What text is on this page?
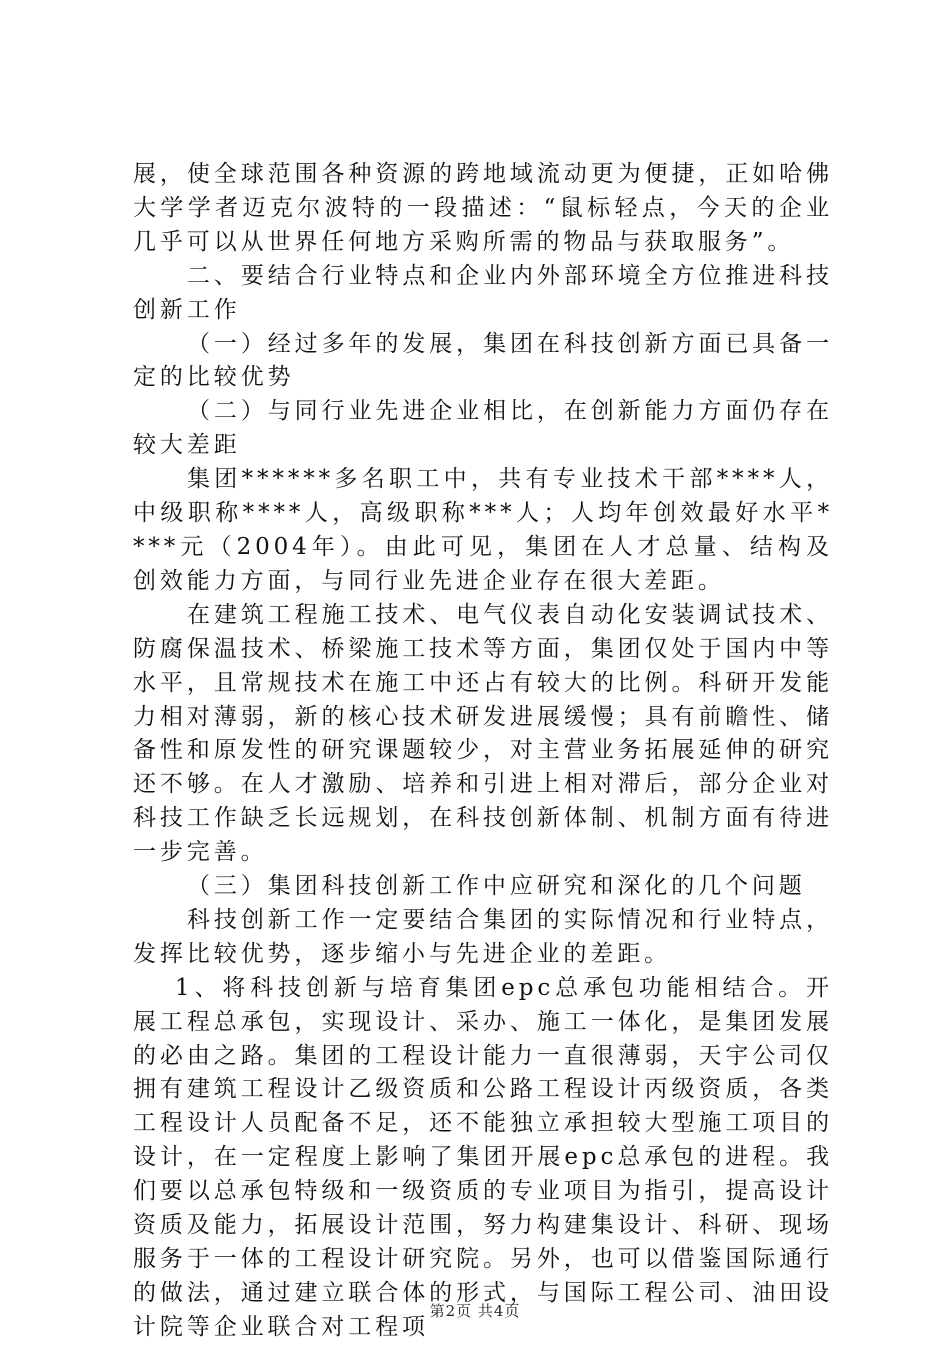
展，使全球范围各种资源的跨地域流动更为便捷，正如哈佛大学学者迈克尔波特的一段描述：“鼠标轻点，今天的企业几乎可以从世界任何地方采购所需的物品与获取服务”。

二、要结合行业特点和企业内外部环境全方位推进科技创新工作

（一）经过多年的发展，集团在科技创新方面已具备一定的比较优势

（二）与同行业先进企业相比，在创新能力方面仍存在较大差距

集团******多名职工中，共有专业技术干部****人，中级职称****人，高级职称***人；人均年创效最好水平****元（2004年）。由此可见，集团在人才总量、结构及创效能力方面，与同行业先进企业存在很大差距。

在建筑工程施工技术、电气仪表自动化安装调试技术、防腐保温技术、桥梁施工技术等方面，集团仅处于国内中等水平，且常规技术在施工中还占有较大的比例。科研开发能力相对薄弱，新的核心技术研发进展缓慢；具有前瞻性、储备性和原发性的研究课题较少，对主营业务拓展延伸的研究还不够。在人才激励、培养和引进上相对滞后，部分企业对科技工作缺乏长远规划，在科技创新体制、机制方面有待进一步完善。

（三）集团科技创新工作中应研究和深化的几个问题

科技创新工作一定要结合集团的实际情况和行业特点，发挥比较优势，逐步缩小与先进企业的差距。

1、将科技创新与培育集团epc总承包功能相结合。开展工程总承包，实现设计、采办、施工一体化，是集团发展的必由之路。集团的工程设计能力一直很薄弱，天宇公司仅拥有建筑工程设计乙级资质和公路工程设计丙级资质，各类工程设计人员配备不足，还不能独立承担较大型施工项目的设计，在一定程度上影响了集团开展epc总承包的进程。我们要以总承包特级和一级资质的专业项目为指引，提高设计资质及能力，拓展设计范围，努力构建集设计、科研、现场服务于一体的工程设计研究院。另外，也可以借鉴国际通行的做法，通过建立联合体的形式，与国际工程公司、油田设计院等企业联合对工程项

第2页 共4页
